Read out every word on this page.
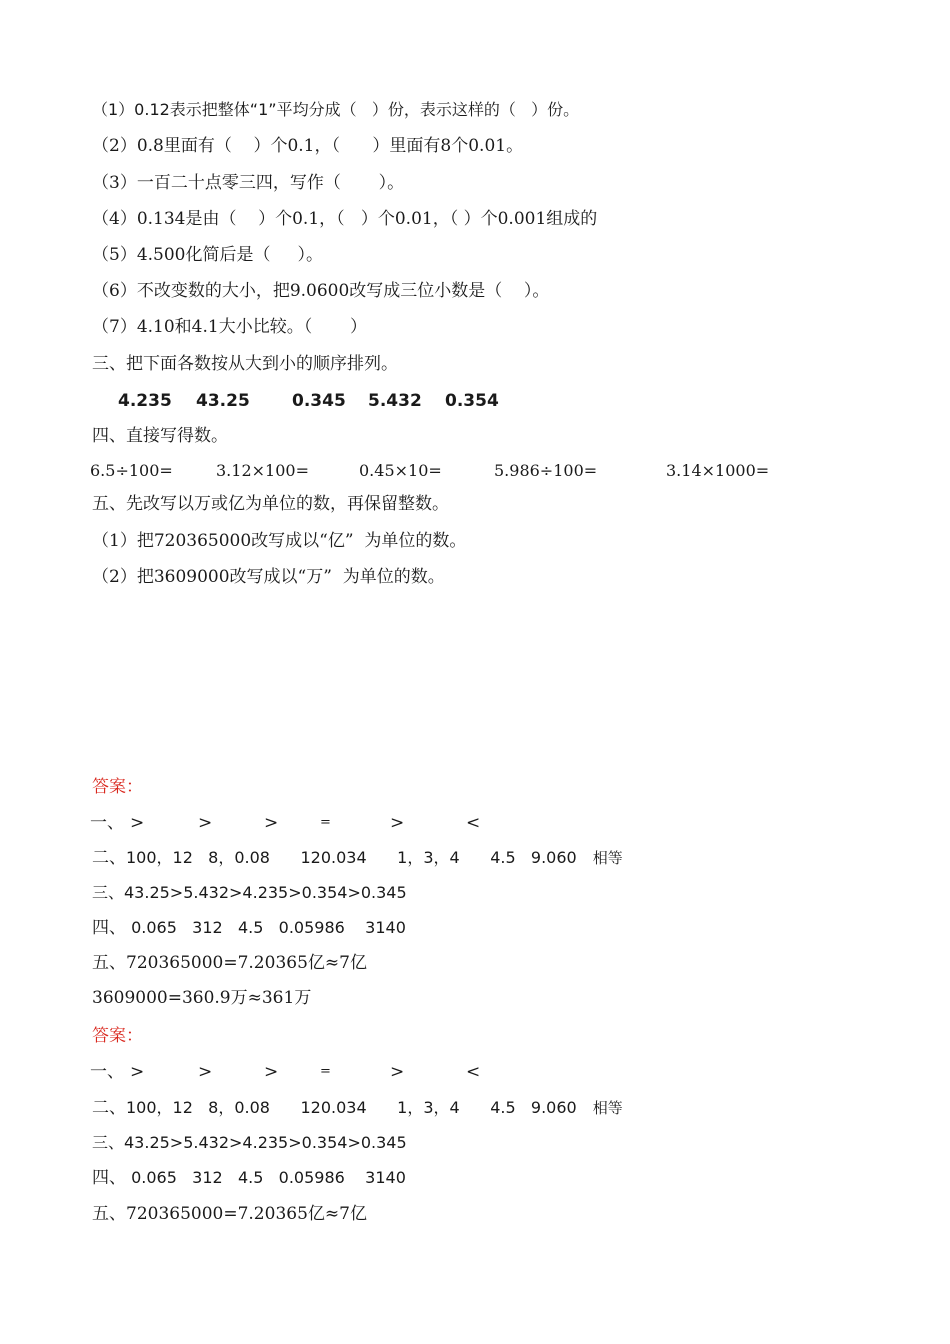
（1）0.12表示把整体“1”平均分成（   ）份，表示这样的（   ）份。
（2）0.8里面有（    ）个0.1，（      ）里面有8个0.01。
（3）一百二十点零三四，写作（       ）。
（4）0.134是由（    ）个0.1，（   ）个0.01，（ ）个0.001组成的
（5）4.500化简后是（     ）。
（6）不改变数的大小，把9.0600改写成三位小数是（    ）。
（7）4.10和4.1大小比较。（       ）
三、把下面各数按从大到小的顺序排列。

4.235

43.25

0.345

5.432

0.354

四、直接写得数。

6.5÷100=

	3.12×100=

	0.45×10=

	5.986÷100=

	3.14×1000=

五、先改写以万或亿为单位的数，再保留整数。
（1）把720365000改写成以“亿”  为单位的数。
（2）把3609000改写成以“万”  为单位的数。
答案：

一、

>

	>

	>

	=

	>

	<

二、100，12   8，0.08      120.034      1，3，4      4.5   9.060 相等
三、43.25>5.432>4.235>0.354>0.345
四、 0.065   312   4.5   0.05986    3140
五、720365000=7.20365亿≈7亿
3609000=360.9万≈361万
答案：

一、

>

	>

	>

	=

	>

	<

二、100，12   8，0.08      120.034      1，3，4      4.5   9.060 相等
三、43.25>5.432>4.235>0.354>0.345
四、 0.065   312   4.5   0.05986    3140
五、720365000=7.20365亿≈7亿
